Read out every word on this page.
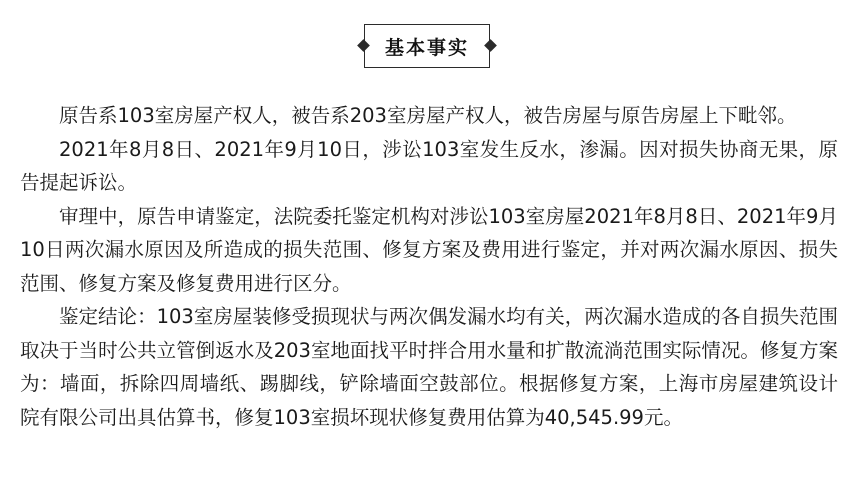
基本事实

原告系103室房屋产权人，被告系203室房屋产权人，被告房屋与原告房屋上下毗邻。

2021年8月8日、2021年9月10日，涉讼103室发生反水，渗漏。因对损失协商无果，原告提起诉讼。

审理中，原告申请鉴定，法院委托鉴定机构对涉讼103室房屋2021年8月8日、2021年9月10日两次漏水原因及所造成的损失范围、修复方案及费用进行鉴定，并对两次漏水原因、损失范围、修复方案及修复费用进行区分。

鉴定结论：103室房屋装修受损现状与两次偶发漏水均有关，两次漏水造成的各自损失范围取决于当时公共立管倒返水及203室地面找平时拌合用水量和扩散流淌范围实际情况。修复方案为：墙面，拆除四周墙纸、踢脚线，铲除墙面空鼓部位。根据修复方案，上海市房屋建筑设计院有限公司出具估算书，修复103室损坏现状修复费用估算为40,545.99元。
